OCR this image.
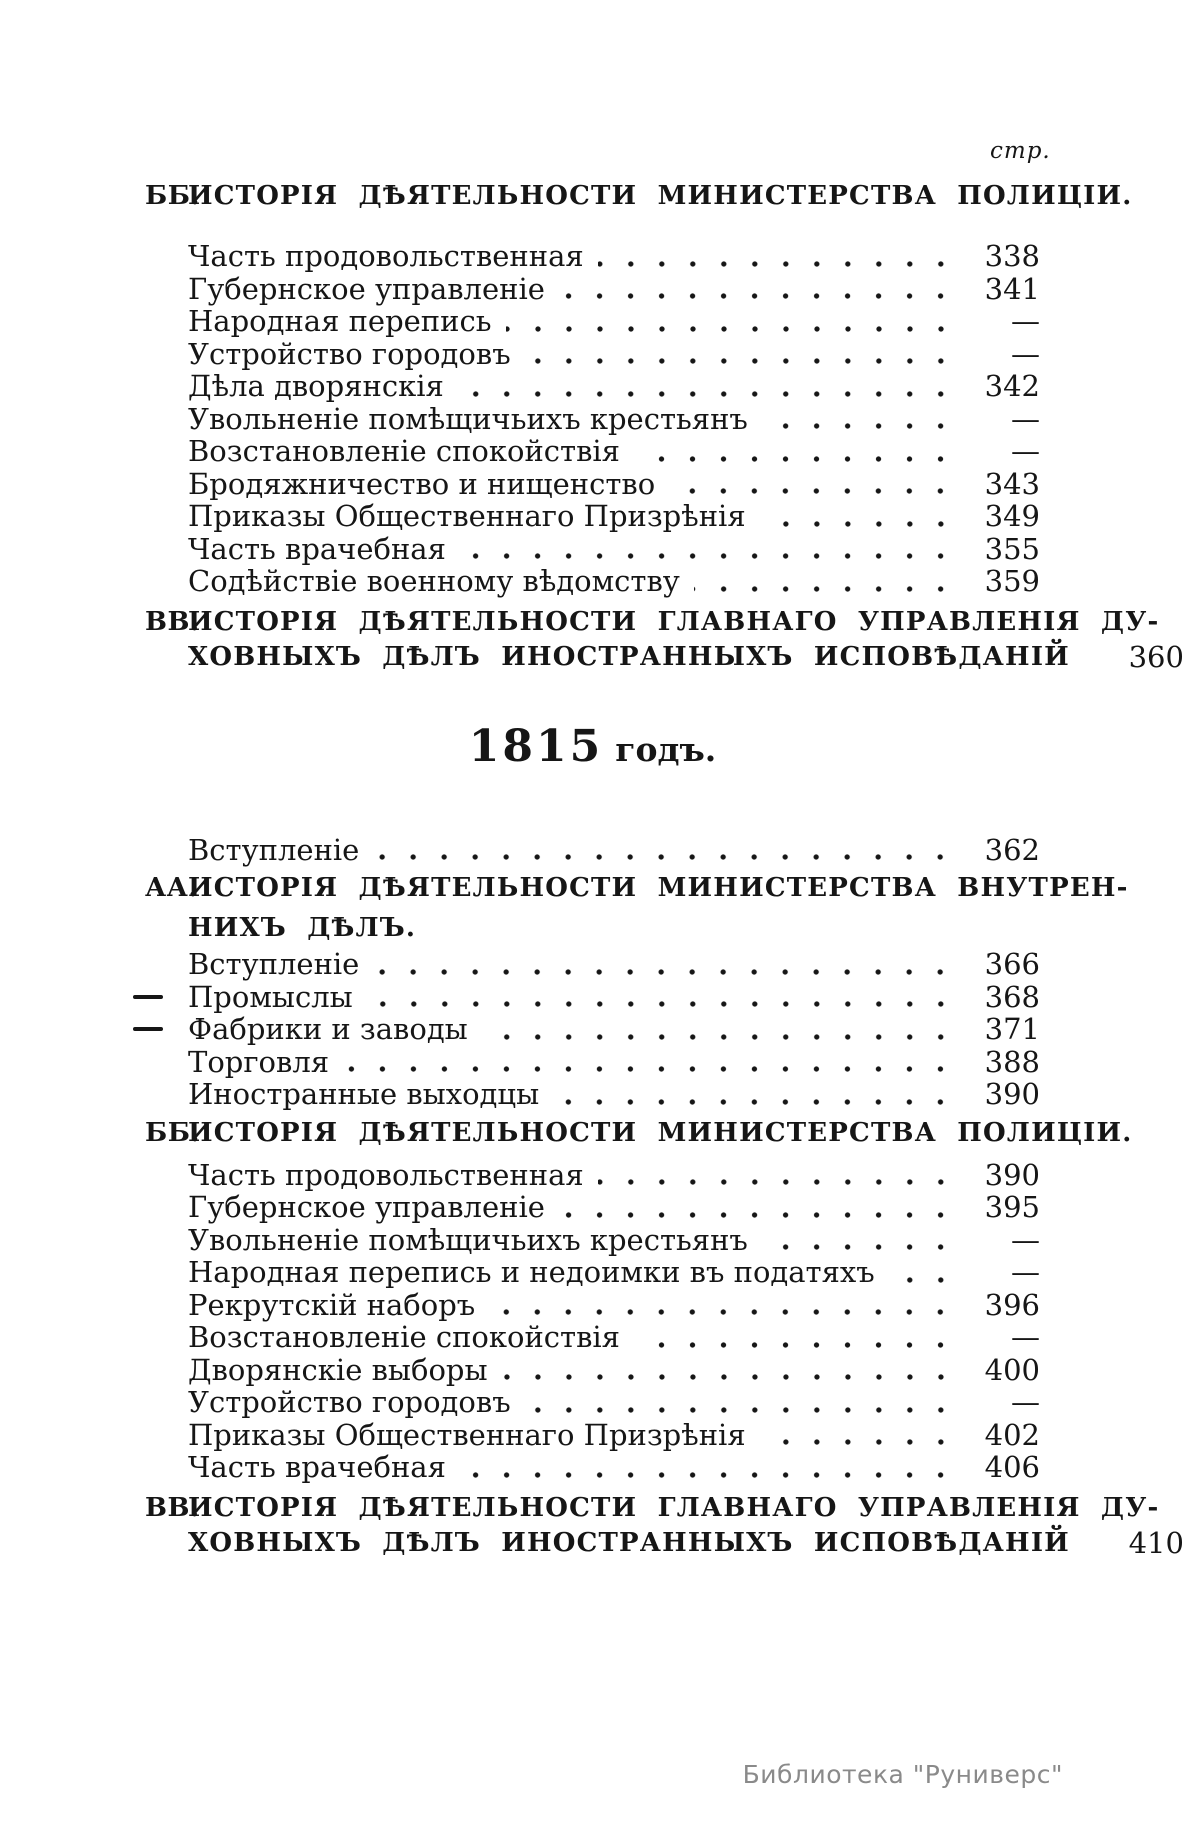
стр.
ББ.
ИСТОРІЯ ДѢЯТЕЛЬНОСТИ МИНИСТЕРСТВА ПОЛИЦІИ.
Часть продовольственная	338
Губернское управленіе	341
Народная перепись	—
Устройство городовъ	—
Дѣла дворянскія	342
Увольненіе помѣщичьихъ крестьянъ	—
Возстановленіе спокойствія	—
Бродяжничество и нищенство	343
Приказы Общественнаго Призрѣнія	349
Часть врачебная	355
Содѣйствіе военному вѣдомству	359
ВВ.
ИСТОРІЯ ДѢЯТЕЛЬНОСТИ ГЛАВНАГО УПРАВЛЕНІЯ ДУ-
ХОВНЫХЪ ДѢЛЪ ИНОСТРАННЫХЪ ИСПОВѢДАНІЙ	360
1815 годъ.
Вступленіе	362
АА.
ИСТОРІЯ ДѢЯТЕЛЬНОСТИ МИНИСТЕРСТВА ВНУТРЕН-
НИХЪ ДѢЛЪ.
Вступленіе	366
Промыслы	368
Фабрики и заводы	371
Торговля	388
Иностранные выходцы	390
ББ.
ИСТОРІЯ ДѢЯТЕЛЬНОСТИ МИНИСТЕРСТВА ПОЛИЦІИ.
Часть продовольственная	390
Губернское управленіе	395
Увольненіе помѣщичьихъ крестьянъ	—
Народная перепись и недоимки въ податяхъ	—
Рекрутскій наборъ	396
Возстановленіе спокойствія	—
Дворянскіе выборы	400
Устройство городовъ	—
Приказы Общественнаго Призрѣнія	402
Часть врачебная	406
ВВ.
ИСТОРІЯ ДѢЯТЕЛЬНОСТИ ГЛАВНАГО УПРАВЛЕНІЯ ДУ-
ХОВНЫХЪ ДѢЛЪ ИНОСТРАННЫХЪ ИСПОВѢДАНІЙ	410
Библиотека "Руниверс"
